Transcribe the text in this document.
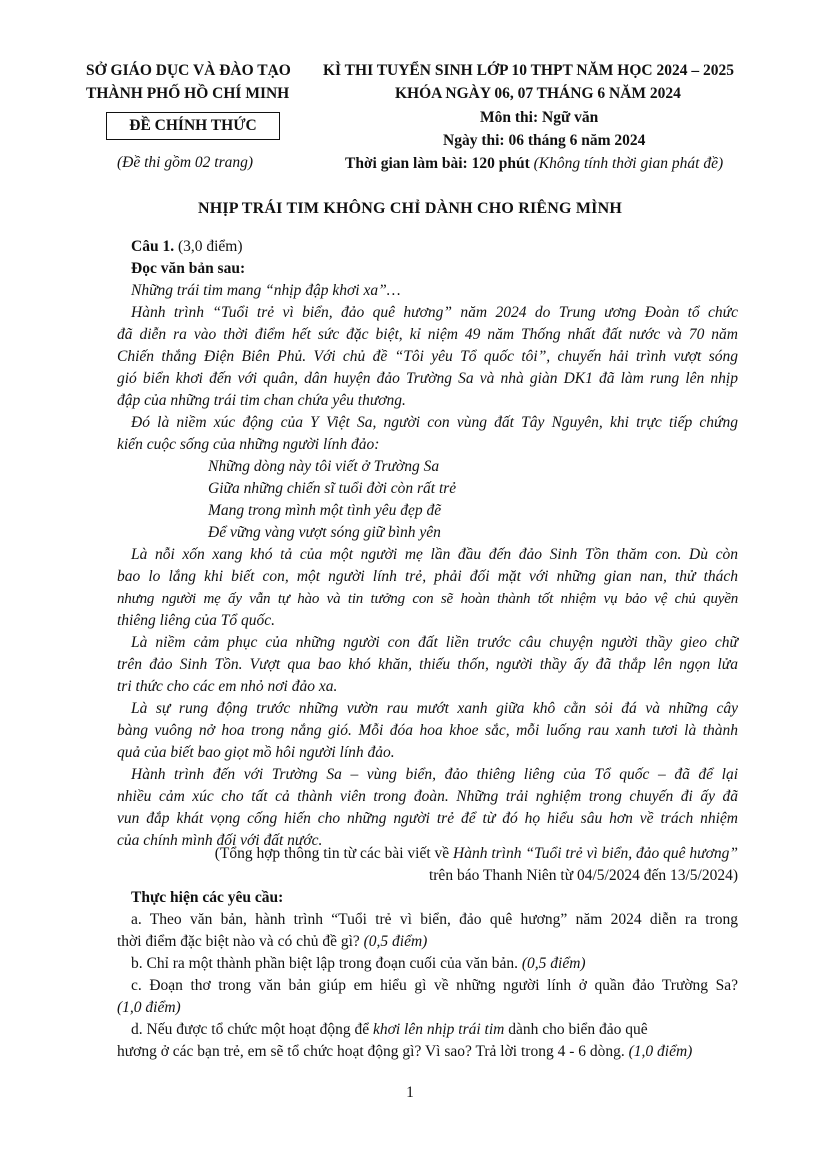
SỞ GIÁO DỤC VÀ ĐÀO TẠO
THÀNH PHỐ HỒ CHÍ MINH
ĐỀ CHÍNH THỨC
(Đề thi gồm 02 trang)
KÌ THI TUYỂN SINH LỚP 10 THPT NĂM HỌC 2024 – 2025
KHÓA NGÀY 06, 07 THÁNG 6 NĂM 2024
Môn thi: Ngữ văn
Ngày thi: 06 tháng 6 năm 2024
Thời gian làm bài: 120 phút (Không tính thời gian phát đề)
NHỊP TRÁI TIM KHÔNG CHỈ DÀNH CHO RIÊNG MÌNH
Câu 1. (3,0 điểm)
Đọc văn bản sau:
Những trái tim mang “nhịp đập khơi xa”…
Hành trình “Tuổi trẻ vì biển, đảo quê hương” năm 2024 do Trung ương Đoàn tổ chức
đã diễn ra vào thời điểm hết sức đặc biệt, kỉ niệm 49 năm Thống nhất đất nước và 70 năm
Chiến thắng Điện Biên Phủ. Với chủ đề “Tôi yêu Tổ quốc tôi”, chuyến hải trình vượt sóng
gió biển khơi đến với quân, dân huyện đảo Trường Sa và nhà giàn DK1 đã làm rung lên nhịp
đập của những trái tim chan chứa yêu thương.
Đó là niềm xúc động của Y Việt Sa, người con vùng đất Tây Nguyên, khi trực tiếp chứng
kiến cuộc sống của những người lính đảo:
Những dòng này tôi viết ở Trường Sa
Giữa những chiến sĩ tuổi đời còn rất trẻ
Mang trong mình một tình yêu đẹp đẽ
Để vững vàng vượt sóng giữ bình yên
Là nỗi xốn xang khó tả của một người mẹ lần đầu đến đảo Sinh Tồn thăm con. Dù còn
bao lo lắng khi biết con, một người lính trẻ, phải đối mặt với những gian nan, thử thách
nhưng người mẹ ấy vẫn tự hào và tin tưởng con sẽ hoàn thành tốt nhiệm vụ bảo vệ chủ quyền
thiêng liêng của Tổ quốc.
Là niềm cảm phục của những người con đất liền trước câu chuyện người thầy gieo chữ
trên đảo Sinh Tồn. Vượt qua bao khó khăn, thiếu thốn, người thầy ấy đã thắp lên ngọn lửa
tri thức cho các em nhỏ nơi đảo xa.
Là sự rung động trước những vườn rau mướt xanh giữa khô cằn sỏi đá và những cây
bàng vuông nở hoa trong nắng gió. Mỗi đóa hoa khoe sắc, mỗi luống rau xanh tươi là thành
quả của biết bao giọt mồ hôi người lính đảo.
Hành trình đến với Trường Sa – vùng biển, đảo thiêng liêng của Tổ quốc – đã để lại
nhiều cảm xúc cho tất cả thành viên trong đoàn. Những trải nghiệm trong chuyến đi ấy đã
vun đắp khát vọng cống hiến cho những người trẻ để từ đó họ hiểu sâu hơn về trách nhiệm
của chính mình đối với đất nước.
(Tổng hợp thông tin từ các bài viết về Hành trình “Tuổi trẻ vì biển, đảo quê hương”
trên báo Thanh Niên từ 04/5/2024 đến 13/5/2024)
Thực hiện các yêu cầu:
a. Theo văn bản, hành trình “Tuổi trẻ vì biển, đảo quê hương” năm 2024 diễn ra trong
thời điểm đặc biệt nào và có chủ đề gì? (0,5 điểm)
b. Chỉ ra một thành phần biệt lập trong đoạn cuối của văn bản. (0,5 điểm)
c. Đoạn thơ trong văn bản giúp em hiểu gì về những người lính ở quần đảo Trường Sa?
(1,0 điểm)
d. Nếu được tổ chức một hoạt động để khơi lên nhịp trái tim dành cho biển đảo quê
hương ở các bạn trẻ, em sẽ tổ chức hoạt động gì? Vì sao? Trả lời trong 4 - 6 dòng. (1,0 điểm)
1
